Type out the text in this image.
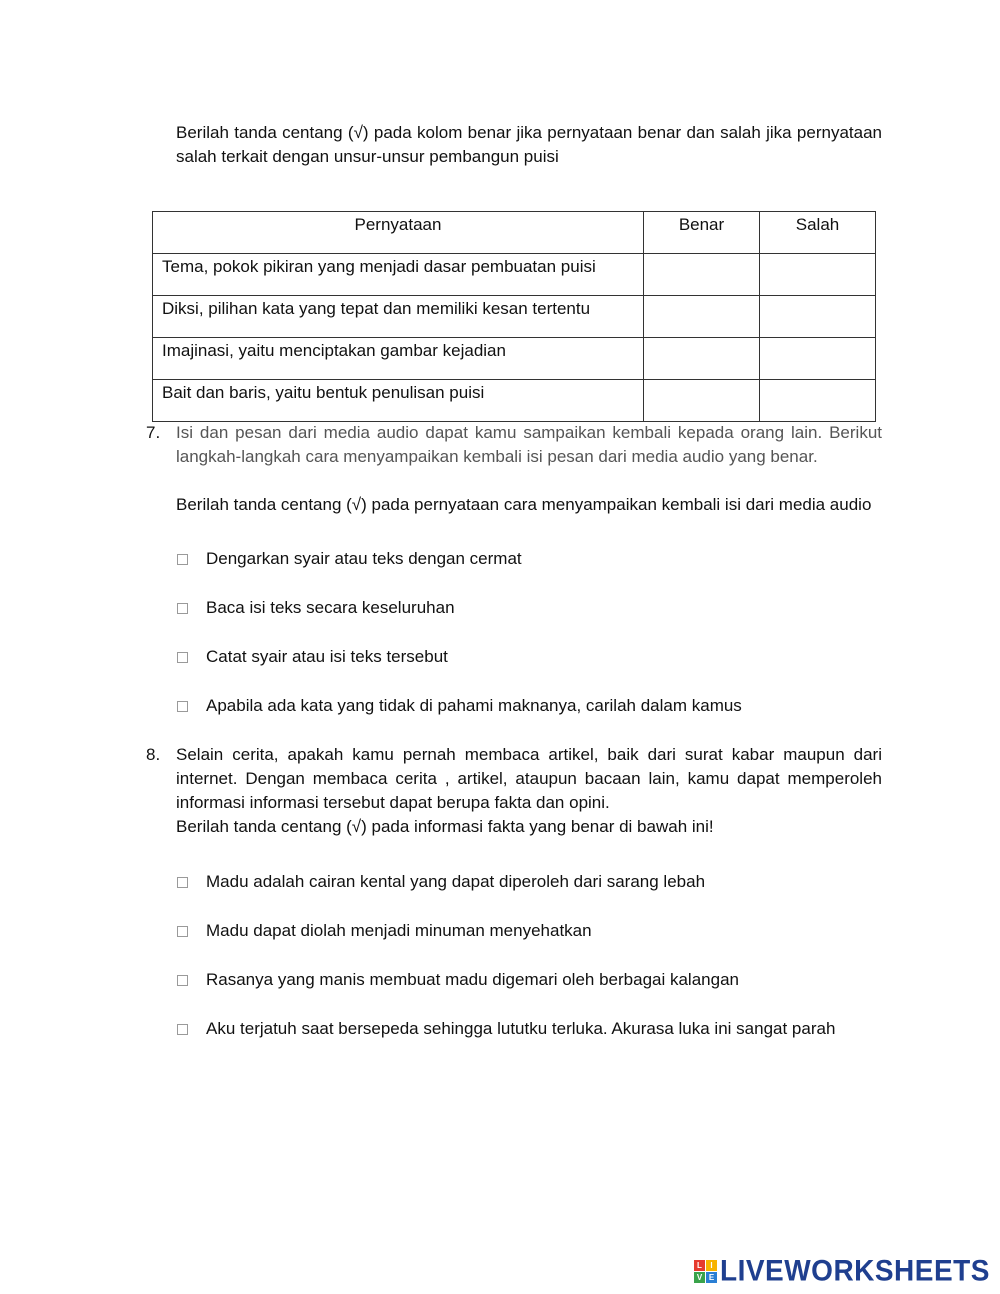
Berilah tanda centang (√) pada kolom benar jika pernyataan benar dan salah jika pernyataan salah terkait dengan unsur-unsur pembangun puisi

Pernyataan	Benar	Salah
Tema, pokok pikiran yang menjadi dasar pembuatan puisi		
Diksi, pilihan kata yang tepat dan memiliki kesan tertentu		
Imajinasi, yaitu menciptakan gambar kejadian		
Bait dan baris, yaitu bentuk penulisan puisi		
7. Isi dan pesan dari media audio dapat kamu sampaikan kembali kepada orang lain. Berikut langkah-langkah cara menyampaikan kembali isi pesan dari media audio yang benar.

Berilah tanda centang (√) pada pernyataan cara menyampaikan kembali isi dari media audio

Dengarkan syair atau teks dengan cermat
Baca isi teks secara keseluruhan
Catat syair atau isi teks tersebut
Apabila ada kata yang tidak di pahami maknanya, carilah dalam kamus
8. Selain cerita, apakah kamu pernah membaca artikel, baik dari surat kabar maupun dari internet. Dengan membaca cerita , artikel, ataupun bacaan lain, kamu dapat memperoleh informasi informasi tersebut dapat berupa fakta dan opini.

Berilah tanda centang (√) pada informasi fakta yang benar di bawah ini!

Madu adalah cairan kental yang dapat diperoleh dari sarang lebah
Madu dapat diolah menjadi minuman menyehatkan
Rasanya yang manis membuat madu digemari oleh berbagai kalangan
Aku terjatuh saat bersepeda sehingga lututku terluka. Akurasa luka ini sangat parah
L	I
V E LIVEWORKSHEETS
